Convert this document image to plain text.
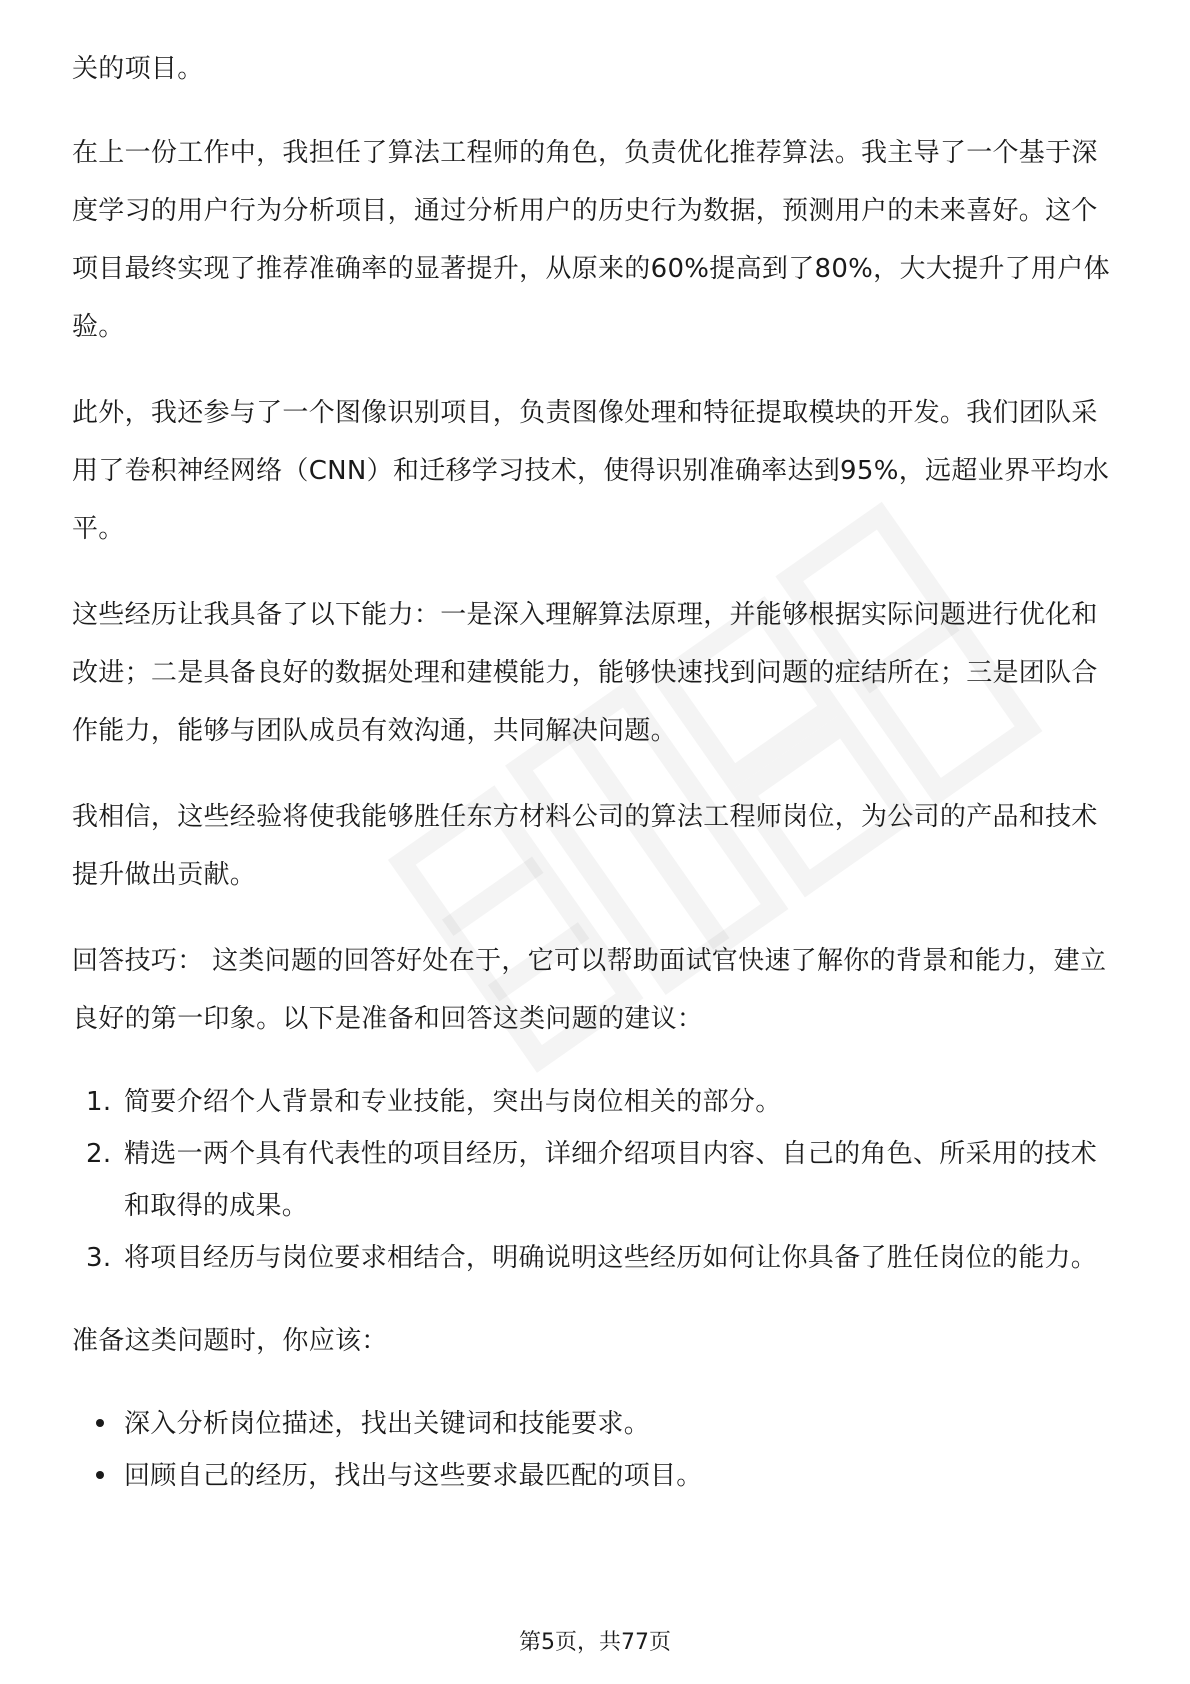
关的项目。

在上一份工作中，我担任了算法工程师的角色，负责优化推荐算法。我主导了一个基于深度学习的用户行为分析项目，通过分析用户的历史行为数据，预测用户的未来喜好。这个项目最终实现了推荐准确率的显著提升，从原来的60%提高到了80%，大大提升了用户体验。

此外，我还参与了一个图像识别项目，负责图像处理和特征提取模块的开发。我们团队采用了卷积神经网络（CNN）和迁移学习技术，使得识别准确率达到95%，远超业界平均水平。

这些经历让我具备了以下能力：一是深入理解算法原理，并能够根据实际问题进行优化和改进；二是具备良好的数据处理和建模能力，能够快速找到问题的症结所在；三是团队合作能力，能够与团队成员有效沟通，共同解决问题。

我相信，这些经验将使我能够胜任东方材料公司的算法工程师岗位，为公司的产品和技术提升做出贡献。

回答技巧： 这类问题的回答好处在于，它可以帮助面试官快速了解你的背景和能力，建立良好的第一印象。以下是准备和回答这类问题的建议：

1. 简要介绍个人背景和专业技能，突出与岗位相关的部分。
2. 精选一两个具有代表性的项目经历，详细介绍项目内容、自己的角色、所采用的技术和取得的成果。
3. 将项目经历与岗位要求相结合，明确说明这些经历如何让你具备了胜任岗位的能力。

准备这类问题时，你应该：

深入分析岗位描述，找出关键词和技能要求。
回顾自己的经历，找出与这些要求最匹配的项目。
第5页，共77页
